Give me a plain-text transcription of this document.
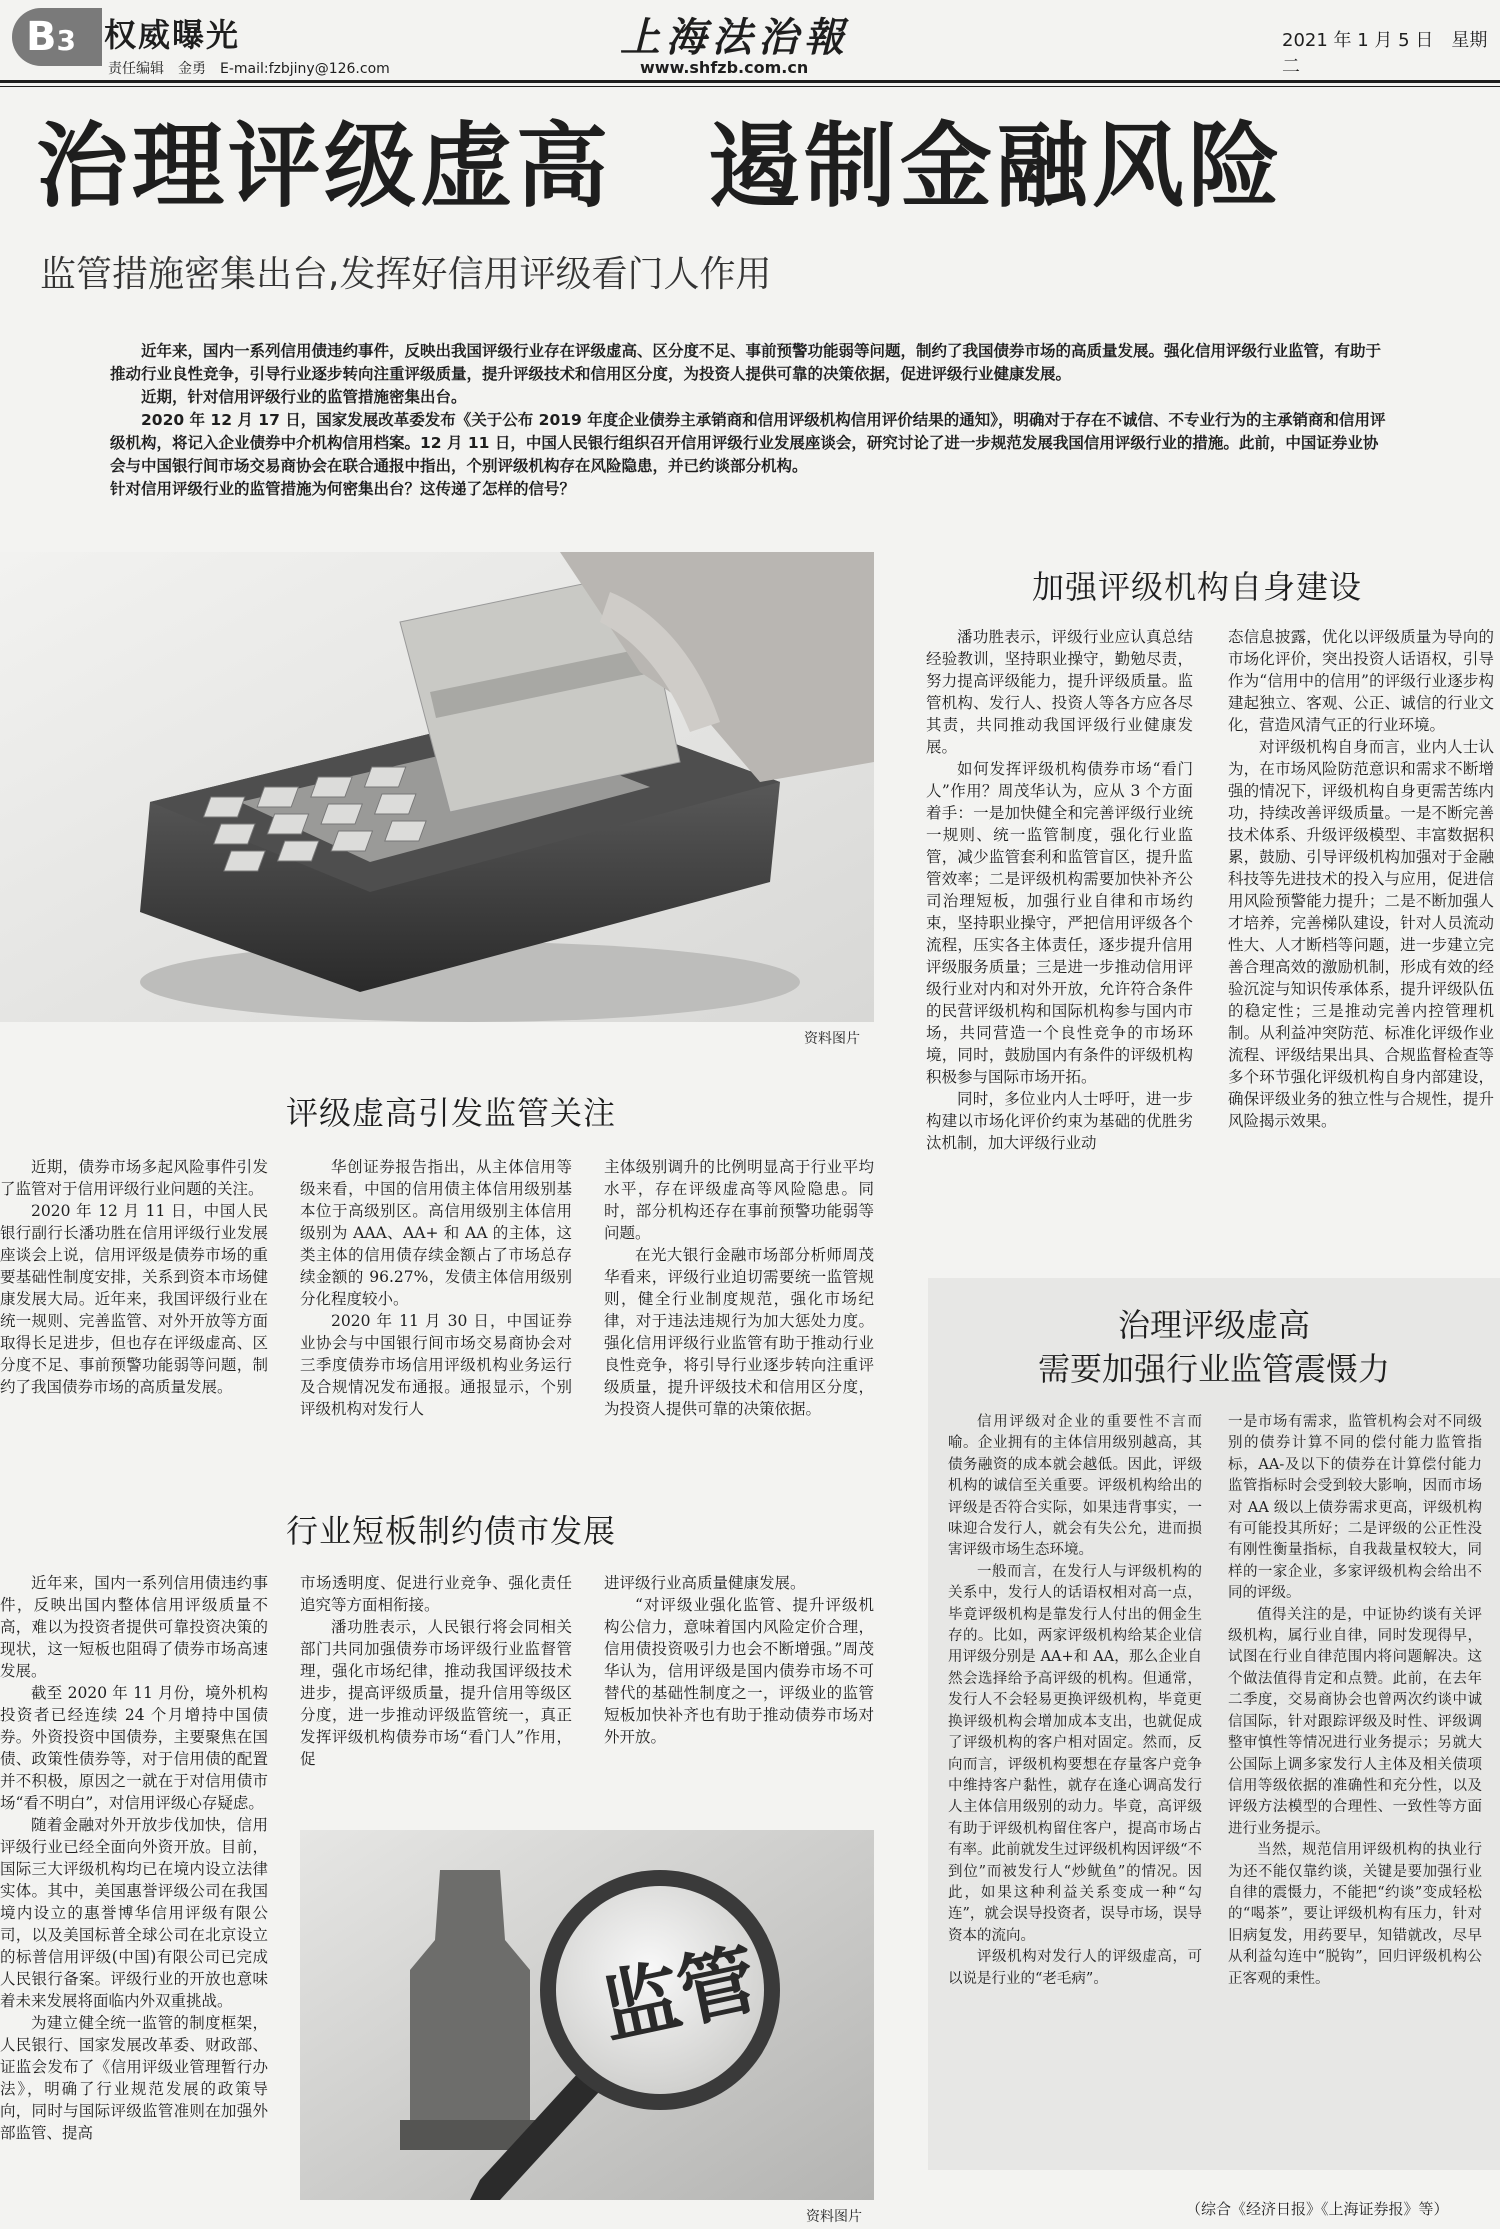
B3 权威曝光
责任编辑　金勇　E-mail:fzbjiny@126.com
上海法治報
www.shfzb.com.cn
2021 年 1 月 5 日　星期二
治理评级虚高　遏制金融风险
监管措施密集出台,发挥好信用评级看门人作用

近年来，国内一系列信用债违约事件，反映出我国评级行业存在评级虚高、区分度不足、事前预警功能弱等问题，制约了我国债券市场的高质量发展。强化信用评级行业监管，有助于推动行业良性竞争，引导行业逐步转向注重评级质量，提升评级技术和信用区分度，为投资人提供可靠的决策依据，促进评级行业健康发展。

近期，针对信用评级行业的监管措施密集出台。

2020 年 12 月 17 日，国家发展改革委发布《关于公布 2019 年度企业债券主承销商和信用评级机构信用评价结果的通知》，明确对于存在不诚信、不专业行为的主承销商和信用评级机构，将记入企业债券中介机构信用档案。12 月 11 日，中国人民银行组织召开信用评级行业发展座谈会，研究讨论了进一步规范发展我国信用评级行业的措施。此前，中国证券业协会与中国银行间市场交易商协会在联合通报中指出，个别评级机构存在风险隐患，并已约谈部分机构。

针对信用评级行业的监管措施为何密集出台？这传递了怎样的信号？

资料图片
加强评级机构自身建设

潘功胜表示，评级行业应认真总结经验教训，坚持职业操守，勤勉尽责，努力提高评级能力，提升评级质量。监管机构、发行人、投资人等各方应各尽其责，共同推动我国评级行业健康发展。

如何发挥评级机构债券市场“看门人”作用？周茂华认为，应从 3 个方面着手：一是加快健全和完善评级行业统一规则、统一监管制度，强化行业监管，减少监管套利和监管盲区，提升监管效率；二是评级机构需要加快补齐公司治理短板，加强行业自律和市场约束，坚持职业操守，严把信用评级各个流程，压实各主体责任，逐步提升信用评级服务质量；三是进一步推动信用评级行业对内和对外开放，允许符合条件的民营评级机构和国际机构参与国内市场，共同营造一个良性竞争的市场环境，同时，鼓励国内有条件的评级机构积极参与国际市场开拓。

同时，多位业内人士呼吁，进一步构建以市场化评价约束为基础的优胜劣汰机制，加大评级行业动

态信息披露，优化以评级质量为导向的市场化评价，突出投资人话语权，引导作为“信用中的信用”的评级行业逐步构建起独立、客观、公正、诚信的行业文化，营造风清气正的行业环境。

对评级机构自身而言，业内人士认为，在市场风险防范意识和需求不断增强的情况下，评级机构自身更需苦练内功，持续改善评级质量。一是不断完善技术体系、升级评级模型、丰富数据积累，鼓励、引导评级机构加强对于金融科技等先进技术的投入与应用，促进信用风险预警能力提升；二是不断加强人才培养，完善梯队建设，针对人员流动性大、人才断档等问题，进一步建立完善合理高效的激励机制，形成有效的经验沉淀与知识传承体系，提升评级队伍的稳定性；三是推动完善内控管理机制。从利益冲突防范、标准化评级作业流程、评级结果出具、合规监督检查等多个环节强化评级机构自身内部建设，确保评级业务的独立性与合规性，提升风险揭示效果。

评级虚高引发监管关注

近期，债券市场多起风险事件引发了监管对于信用评级行业问题的关注。

2020 年 12 月 11 日，中国人民银行副行长潘功胜在信用评级行业发展座谈会上说，信用评级是债券市场的重要基础性制度安排，关系到资本市场健康发展大局。近年来，我国评级行业在统一规则、完善监管、对外开放等方面取得长足进步，但也存在评级虚高、区分度不足、事前预警功能弱等问题，制约了我国债券市场的高质量发展。

华创证券报告指出，从主体信用等级来看，中国的信用债主体信用级别基本位于高级别区。高信用级别主体信用级别为 AAA、AA+ 和 AA 的主体，这类主体的信用债存续金额占了市场总存续金额的 96.27%，发债主体信用级别分化程度较小。

2020 年 11 月 30 日，中国证券业协会与中国银行间市场交易商协会对三季度债券市场信用评级机构业务运行及合规情况发布通报。通报显示，个别评级机构对发行人

主体级别调升的比例明显高于行业平均水平，存在评级虚高等风险隐患。同时，部分机构还存在事前预警功能弱等问题。

在光大银行金融市场部分析师周茂华看来，评级行业迫切需要统一监管规则，健全行业制度规范，强化市场纪律，对于违法违规行为加大惩处力度。强化信用评级行业监管有助于推动行业良性竞争，将引导行业逐步转向注重评级质量，提升评级技术和信用区分度，为投资人提供可靠的决策依据。

行业短板制约债市发展

近年来，国内一系列信用债违约事件，反映出国内整体信用评级质量不高，难以为投资者提供可靠投资决策的现状，这一短板也阻碍了债券市场高速发展。

截至 2020 年 11 月份，境外机构投资者已经连续 24 个月增持中国债券。外资投资中国债券，主要聚焦在国债、政策性债券等，对于信用债的配置并不积极，原因之一就在于对信用债市场“看不明白”，对信用评级心存疑虑。

随着金融对外开放步伐加快，信用评级行业已经全面向外资开放。目前，国际三大评级机构均已在境内设立法律实体。其中，美国惠誉评级公司在我国境内设立的惠誉博华信用评级有限公司，以及美国标普全球公司在北京设立的标普信用评级(中国)有限公司已完成人民银行备案。评级行业的开放也意味着未来发展将面临内外双重挑战。

为建立健全统一监管的制度框架，人民银行、国家发展改革委、财政部、证监会发布了《信用评级业管理暂行办法》，明确了行业规范发展的政策导向，同时与国际评级监管准则在加强外部监管、提高

市场透明度、促进行业竞争、强化责任追究等方面相衔接。

潘功胜表示，人民银行将会同相关部门共同加强债券市场评级行业监督管理，强化市场纪律，推动我国评级技术进步，提高评级质量，提升信用等级区分度，进一步推动评级监管统一，真正发挥评级机构债券市场“看门人”作用，促

进评级行业高质量健康发展。

“对评级业强化监管、提升评级机构公信力，意味着国内风险定价合理，信用债投资吸引力也会不断增强。”周茂华认为，信用评级是国内债券市场不可替代的基础性制度之一，评级业的监管短板加快补齐也有助于推动债券市场对外开放。

监管
资料图片
治理评级虚高
需要加强行业监管震慑力

信用评级对企业的重要性不言而喻。企业拥有的主体信用级别越高，其债务融资的成本就会越低。因此，评级机构的诚信至关重要。评级机构给出的评级是否符合实际，如果违背事实，一味迎合发行人，就会有失公允，进而损害评级市场生态环境。

一般而言，在发行人与评级机构的关系中，发行人的话语权相对高一点，毕竟评级机构是靠发行人付出的佣金生存的。比如，两家评级机构给某企业信用评级分别是 AA+和 AA，那么企业自然会选择给予高评级的机构。但通常，发行人不会轻易更换评级机构，毕竟更换评级机构会增加成本支出，也就促成了评级机构的客户相对固定。然而，反向而言，评级机构要想在存量客户竞争中维持客户黏性，就存在逢心调高发行人主体信用级别的动力。毕竟，高评级有助于评级机构留住客户，提高市场占有率。此前就发生过评级机构因评级“不到位”而被发行人“炒鱿鱼”的情况。因此，如果这种利益关系变成一种“勾连”，就会误导投资者，误导市场，误导资本的流向。

评级机构对发行人的评级虚高，可以说是行业的“老毛病”。

一是市场有需求，监管机构会对不同级别的债券计算不同的偿付能力监管指标，AA-及以下的债券在计算偿付能力监管指标时会受到较大影响，因而市场对 AA 级以上债券需求更高，评级机构有可能投其所好；二是评级的公正性没有刚性衡量指标，自我裁量权较大，同样的一家企业，多家评级机构会给出不同的评级。

值得关注的是，中证协约谈有关评级机构，属行业自律，同时发现得早，试图在行业自律范围内将问题解决。这个做法值得肯定和点赞。此前，在去年二季度，交易商协会也曾两次约谈中诚信国际，针对跟踪评级及时性、评级调整审慎性等情况进行业务提示；另就大公国际上调多家发行人主体及相关债项信用等级依据的准确性和充分性，以及评级方法模型的合理性、一致性等方面进行业务提示。

当然，规范信用评级机构的执业行为还不能仅靠约谈，关键是要加强行业自律的震慑力，不能把“约谈”变成轻松的“喝茶”，要让评级机构有压力，针对旧病复发，用药要早，知错就改，尽早从利益勾连中“脱钩”，回归评级机构公正客观的秉性。

（综合《经济日报》《上海证券报》等）
